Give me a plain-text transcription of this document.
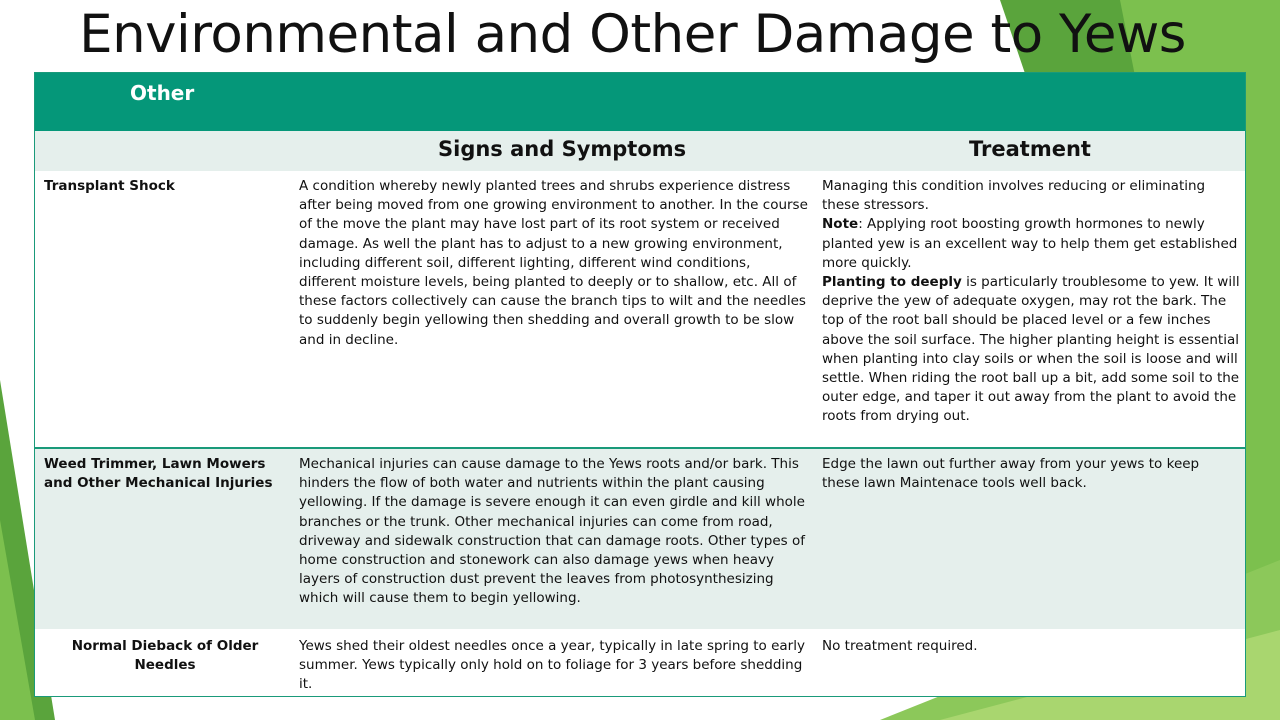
Environmental and Other Damage to Yews
Other
Signs and Symptoms	Treatment
Transplant Shock	A condition whereby newly planted trees and shrubs experience distress after being moved from one growing environment to another. In the course of the move the plant may have lost part of its root system or received damage. As well the plant has to adjust to a new growing environment, including different soil, different lighting, different wind conditions, different moisture levels, being planted to deeply or to shallow, etc. All of these factors collectively can cause the branch tips to wilt and the needles to suddenly begin yellowing then shedding and overall growth to be slow and in decline.

Managing this condition involves reducing or eliminating these stressors.

Note: Applying root boosting growth hormones to newly planted yew is an excellent way to help them get established more quickly.

Planting to deeply is particularly troublesome to yew. It will deprive the yew of adequate oxygen, may rot the bark. The top of the root ball should be placed level or a few inches above the soil surface. The higher planting height is essential when planting into clay soils or when the soil is loose and will settle. When riding the root ball up a bit, add some soil to the outer edge, and taper it out away from the plant to avoid the roots from drying out.

Weed Trimmer, Lawn Mowers and Other Mechanical Injuries
Mechanical injuries can cause damage to the Yews roots and/or bark. This hinders the flow of both water and nutrients within the plant causing yellowing. If the damage is severe enough it can even girdle and kill whole branches or the trunk. Other mechanical injuries can come from road, driveway and sidewalk construction that can damage roots. Other types of home construction and stonework can also damage yews when heavy layers of construction dust prevent the leaves from photosynthesizing which will cause them to begin yellowing.
Edge the lawn out further away from your yews to keep these lawn Maintenace tools well back.
Normal Dieback of Older Needles
Yews shed their oldest needles once a year, typically in late spring to early summer. Yews typically only hold on to foliage for 3 years before shedding it.
No treatment required.
